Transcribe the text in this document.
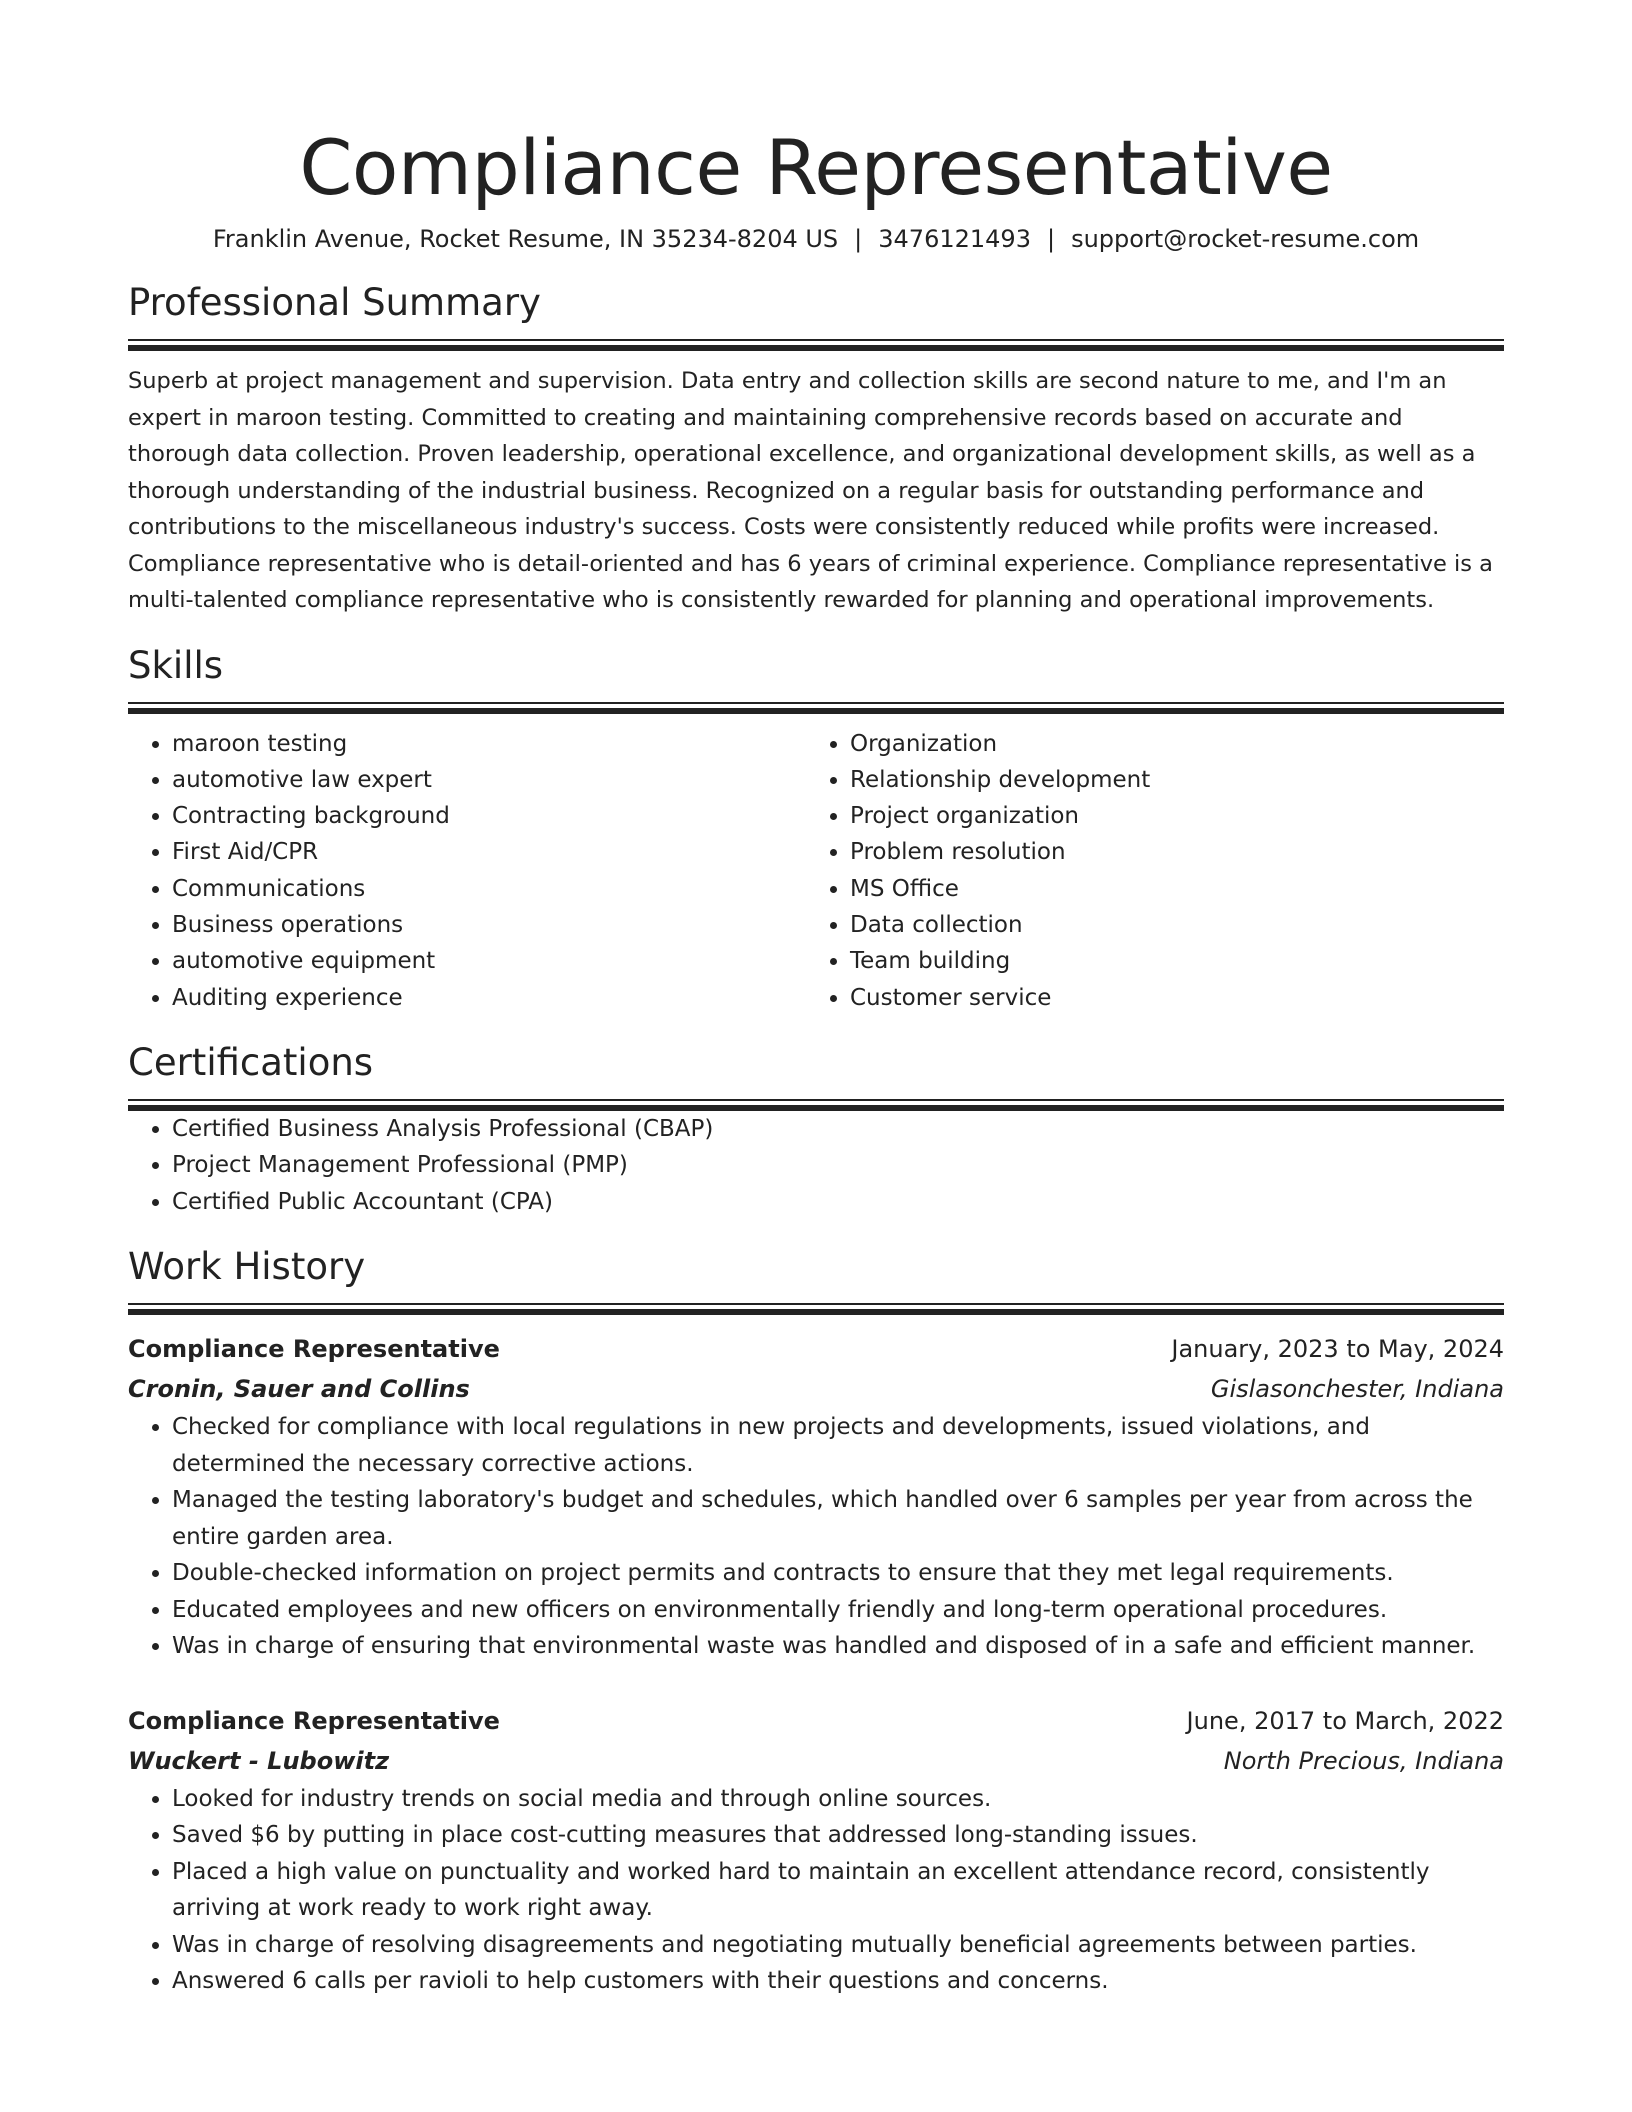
Compliance Representative
Franklin Avenue, Rocket Resume, IN 35234-8204 US | 3476121493 | support@rocket-resume.com
Professional Summary

Superb at project management and supervision. Data entry and collection skills are second nature to me, and I'm an expert in maroon testing. Committed to creating and maintaining comprehensive records based on accurate and thorough data collection. Proven leadership, operational excellence, and organizational development skills, as well as a thorough understanding of the industrial business. Recognized on a regular basis for outstanding performance and contributions to the miscellaneous industry's success. Costs were consistently reduced while profits were increased. Compliance representative who is detail-oriented and has 6 years of criminal experience. Compliance representative is a multi-talented compliance representative who is consistently rewarded for planning and operational improvements.

Skills
• maroon testing
• automotive law expert
• Contracting background
• First Aid/CPR
• Communications
• Business operations
• automotive equipment
• Auditing experience
• Organization
• Relationship development
• Project organization
• Problem resolution
• MS Office
• Data collection
• Team building
• Customer service
Certifications
• Certified Business Analysis Professional (CBAP)
• Project Management Professional (PMP)
• Certified Public Accountant (CPA)
Work History
Compliance Representative	January, 2023 to May, 2024
Cronin, Sauer and Collins	Gislasonchester, Indiana
• Checked for compliance with local regulations in new projects and developments, issued violations, and determined the necessary corrective actions.
• Managed the testing laboratory's budget and schedules, which handled over 6 samples per year from across the entire garden area.
• Double-checked information on project permits and contracts to ensure that they met legal requirements.
• Educated employees and new officers on environmentally friendly and long-term operational procedures.
• Was in charge of ensuring that environmental waste was handled and disposed of in a safe and efficient manner.
Compliance Representative	June, 2017 to March, 2022
Wuckert - Lubowitz	North Precious, Indiana
• Looked for industry trends on social media and through online sources.
• Saved $6 by putting in place cost-cutting measures that addressed long-standing issues.
• Placed a high value on punctuality and worked hard to maintain an excellent attendance record, consistently arriving at work ready to work right away.
• Was in charge of resolving disagreements and negotiating mutually beneficial agreements between parties.
• Answered 6 calls per ravioli to help customers with their questions and concerns.
